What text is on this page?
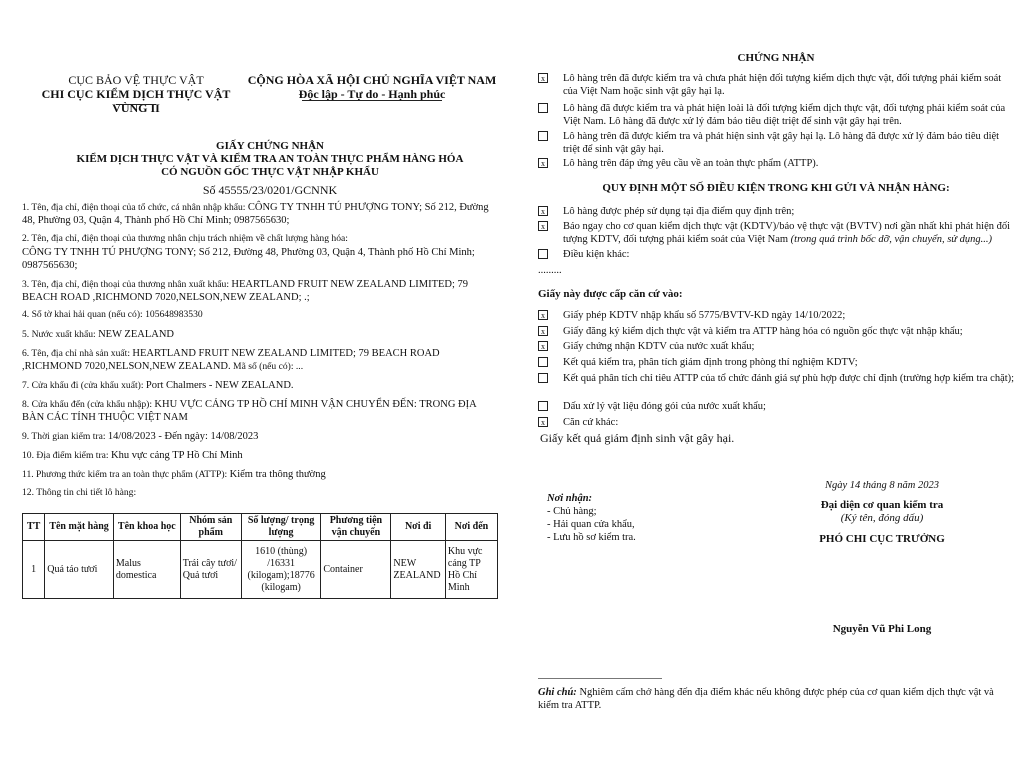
CỤC BẢO VỆ THỰC VẬT
CHI CỤC KIỂM DỊCH THỰC VẬT VÙNG II
CỘNG HÒA XÃ HỘI CHỦ NGHĨA VIỆT NAM
Độc lập - Tự do - Hạnh phúc
GIẤY CHỨNG NHẬN
KIỂM DỊCH THỰC VẬT VÀ KIỂM TRA AN TOÀN THỰC PHẨM HÀNG HÓA
CÓ NGUỒN GỐC THỰC VẬT NHẬP KHẨU
Số 45555/23/0201/GCNNK
1. Tên, địa chỉ, điện thoại của tổ chức, cá nhân nhập khẩu: CÔNG TY TNHH TÚ PHƯỢNG TONY; Số 212, Đường 48, Phường 03, Quận 4, Thành phố Hồ Chí Minh; 0987565630;
2. Tên, địa chỉ, điện thoại của thương nhân chịu trách nhiệm về chất lượng hàng hóa:
CÔNG TY TNHH TÚ PHƯỢNG TONY; Số 212, Đường 48, Phường 03, Quận 4, Thành phố Hồ Chí Minh; 0987565630;
3. Tên, địa chỉ, điện thoại của thương nhân xuất khẩu: HEARTLAND FRUIT NEW ZEALAND LIMITED; 79 BEACH ROAD ,RICHMOND 7020,NELSON,NEW ZEALAND; .;
4. Số tờ khai hải quan (nếu có): 105648983530
5. Nước xuất khẩu: NEW ZEALAND
6. Tên, địa chỉ nhà sản xuất: HEARTLAND FRUIT NEW ZEALAND LIMITED; 79 BEACH ROAD ,RICHMOND 7020,NELSON,NEW ZEALAND. Mã số (nếu có): ...
7. Cửa khẩu đi (cửa khẩu xuất): Port Chalmers - NEW ZEALAND.
8. Cửa khẩu đến (cửa khẩu nhập): KHU VỰC CẢNG TP HỒ CHÍ MINH VẬN CHUYỂN ĐẾN: TRONG ĐỊA BÀN CÁC TỈNH THUỘC VIỆT NAM
9. Thời gian kiểm tra: 14/08/2023 - Đến ngày: 14/08/2023
10. Địa điểm kiểm tra: Khu vực cảng TP Hồ Chí Minh
11. Phương thức kiểm tra an toàn thực phẩm (ATTP): Kiểm tra thông thường
12. Thông tin chi tiết lô hàng:
TT	Tên mặt hàng	Tên khoa học	Nhóm sản phẩm	Số lượng/ trọng lượng	Phương tiện vận chuyển	Nơi đi	Nơi đến
1	Quả táo tươi	Malus domestica	Trái cây tươi/ Quả tươi	1610 (thùng) /16331 (kilogam);18776 (kilogam)	Container	NEW ZEALAND	Khu vực cảng TP Hồ Chí Minh
CHỨNG NHẬN
x	Lô hàng trên đã được kiểm tra và chưa phát hiện đối tượng kiểm dịch thực vật, đối tượng phải kiểm soát của Việt Nam hoặc sinh vật gây hại lạ.
Lô hàng đã được kiểm tra và phát hiện loài là đối tượng kiểm dịch thực vật, đối tượng phải kiểm soát của Việt Nam. Lô hàng đã được xử lý đảm bảo tiêu diệt triệt để sinh vật gây hại trên.
Lô hàng trên đã được kiểm tra và phát hiện sinh vật gây hại lạ. Lô hàng đã được xử lý đảm bảo tiêu diệt triệt để sinh vật gây hại.
x	Lô hàng trên đáp ứng yêu cầu về an toàn thực phẩm (ATTP).
QUY ĐỊNH MỘT SỐ ĐIỀU KIỆN TRONG KHI GỬI VÀ NHẬN HÀNG:
x	Lô hàng được phép sử dụng tại địa điểm quy định trên;
x	Báo ngay cho cơ quan kiểm dịch thực vật (KDTV)/bảo vệ thực vật (BVTV) nơi gần nhất khi phát hiện đối tượng KDTV, đối tượng phải kiểm soát của Việt Nam (trong quá trình bốc dỡ, vận chuyển, sử dụng...)
Điều kiện khác:
.........
Giấy này được cấp căn cứ vào:
x	Giấy phép KDTV nhập khẩu số 5775/BVTV-KD ngày 14/10/2022;
x	Giấy đăng ký kiểm dịch thực vật và kiểm tra ATTP hàng hóa có nguồn gốc thực vật nhập khẩu;
x	Giấy chứng nhận KDTV của nước xuất khẩu;
Kết quả kiểm tra, phân tích giám định trong phòng thí nghiệm KDTV;
Kết quả phân tích chỉ tiêu ATTP của tổ chức đánh giá sự phù hợp được chỉ định (trường hợp kiểm tra chặt);
Dấu xử lý vật liệu đóng gói của nước xuất khẩu;
x	Căn cứ khác:
Giấy kết quả giám định sinh vật gây hại.
Ngày 14 tháng 8 năm 2023
Nơi nhận:
- Chủ hàng;
- Hải quan cửa khẩu,
- Lưu hồ sơ kiểm tra.
Đại diện cơ quan kiểm tra
(Ký tên, đóng dấu)
PHÓ CHI CỤC TRƯỞNG
Nguyễn Vũ Phi Long
Ghi chú: Nghiêm cấm chở hàng đến địa điểm khác nếu không được phép của cơ quan kiểm dịch thực vật và kiểm tra ATTP.
